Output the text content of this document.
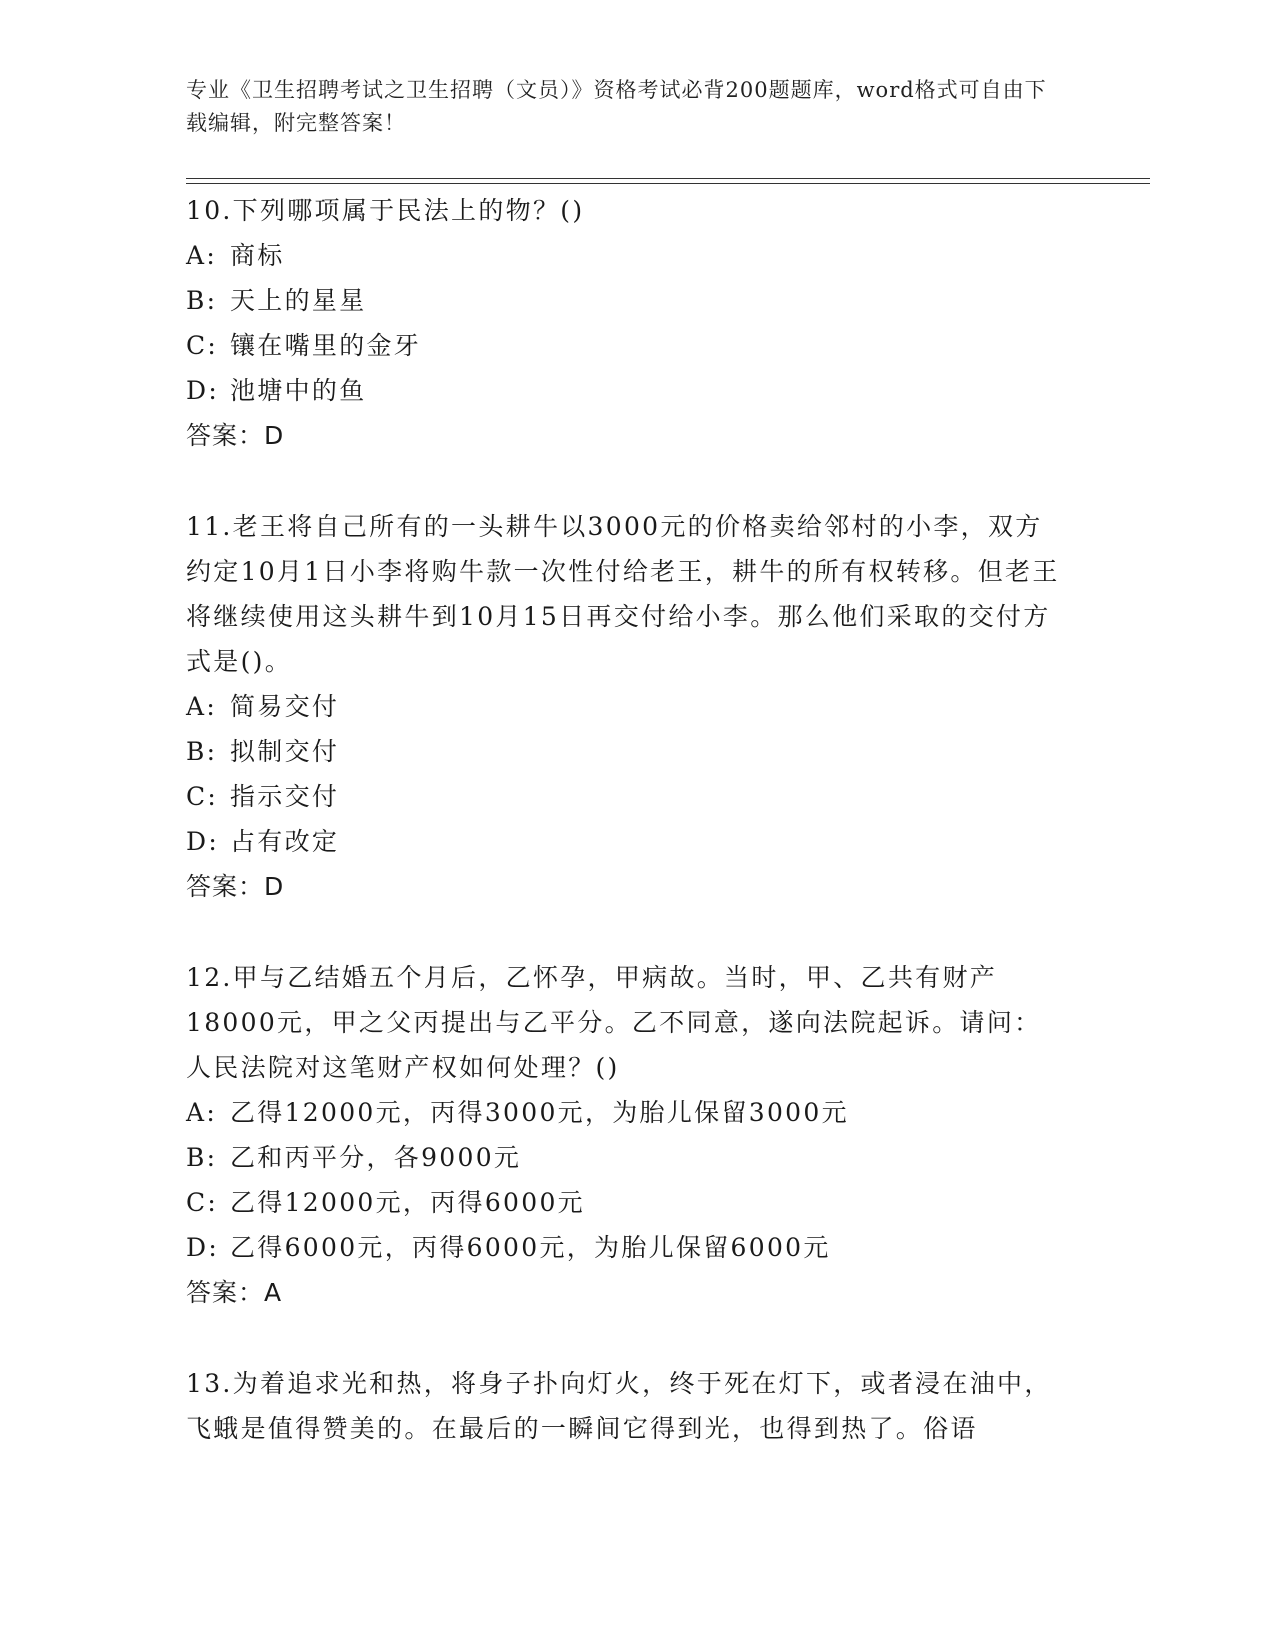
专业《卫生招聘考试之卫生招聘（文员）》资格考试必背200题题库，word格式可自由下载编辑，附完整答案！

10.下列哪项属于民法上的物？()

A: 商标

B: 天上的星星

C: 镶在嘴里的金牙

D: 池塘中的鱼

答案：D

11.老王将自己所有的一头耕牛以3000元的价格卖给邻村的小李，双方约定10月1日小李将购牛款一次性付给老王，耕牛的所有权转移。但老王将继续使用这头耕牛到10月15日再交付给小李。那么他们采取的交付方式是()。

A: 简易交付

B: 拟制交付

C: 指示交付

D: 占有改定

答案：D

12.甲与乙结婚五个月后，乙怀孕，甲病故。当时，甲、乙共有财产18000元，甲之父丙提出与乙平分。乙不同意，遂向法院起诉。请问：人民法院对这笔财产权如何处理？()

A: 乙得12000元，丙得3000元，为胎儿保留3000元

B: 乙和丙平分，各9000元

C: 乙得12000元，丙得6000元

D: 乙得6000元，丙得6000元，为胎儿保留6000元

答案：A

13.为着追求光和热，将身子扑向灯火，终于死在灯下，或者浸在油中，飞蛾是值得赞美的。在最后的一瞬间它得到光，也得到热了。俗语
